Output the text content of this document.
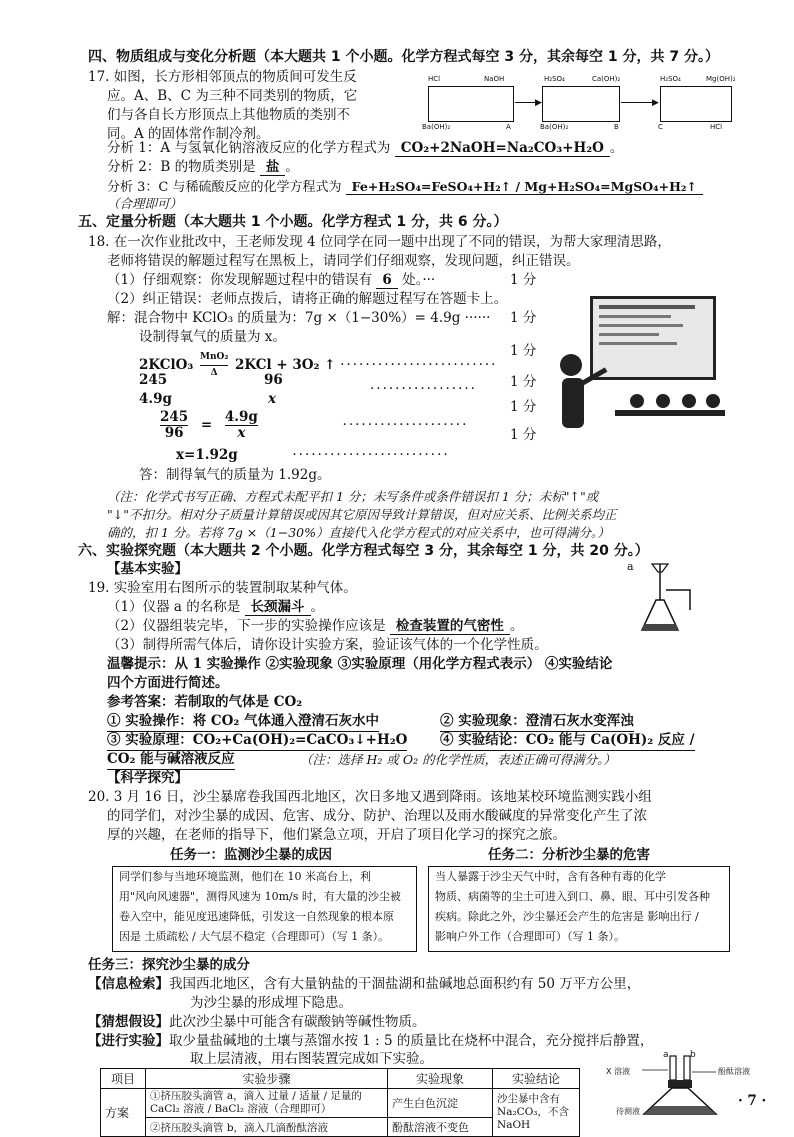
四、物质组成与变化分析题（本大题共 1 个小题。化学方程式每空 3 分，其余每空 1 分，共 7 分。）
17. 如图，长方形相邻顶点的物质间可发生反
应。A、B、C 为三种不同类别的物质，它
们与各自长方形顶点上其他物质的类别不
同。A 的固体常作制冷剂。
HCl	NaOH	H₂SO₄	Ca(OH)₂	H₂SO₄	Mg(OH)₂
▶	▶
Ba(OH)₂	A	Ba(OH)₂	B	C	HCl
分析 1：A 与氢氧化钠溶液反应的化学方程式为 CO₂+2NaOH=Na₂CO₃+H₂O 。
分析 2：B 的物质类别是 盐 。
分析 3：C 与稀硫酸反应的化学方程式为 Fe+H₂SO₄=FeSO₄+H₂↑ / Mg+H₂SO₄=MgSO₄+H₂↑
（合理即可）
五、定量分析题（本大题共 1 个小题。化学方程式 1 分，共 6 分。）
18. 在一次作业批改中，王老师发现 4 位同学在同一题中出现了不同的错误，为帮大家理清思路，
老师将错误的解题过程写在黑板上，请同学们仔细观察，发现问题，纠正错误。
（1）仔细观察：你发现解题过程中的错误有 6 处。···	1 分
（2）纠正错误：老师点拨后，请将正确的解题过程写在答题卡上。
解：混合物中 KClO₃ 的质量为：7g ×（1−30%）= 4.9g ······ 1 分
设制得氧气的质量为 x。
2KClO₃ $\frac{\text{MnO₂}}{\Delta} 2KCl + 3O_2$ ↑ ·························
1 分
245	96
4.9g	x
················· 1 分
$\frac{245}{96} = \frac{4.9g}{x}$	····················
1 分
x=1.92g	·························
1 分
答：制得氧气的质量为 1.92g。
（注：化学式书写正确、方程式未配平扣 1 分；未写条件或条件错误扣 1 分；未标"↑"或
"↓"不扣分。相对分子质量计算错误或因其它原因导致计算错误，但对应关系、比例关系均正
确的，扣 1 分。若将 7g ×（1−30%）直接代入化学方程式的对应关系中，也可得满分。）
六、实验探究题（本大题共 2 个小题。化学方程式每空 3 分，其余每空 1 分，共 20 分。）
【基本实验】
19. 实验室用右图所示的装置制取某种气体。
（1）仪器 a 的名称是 长颈漏斗 。
（2）仪器组装完毕，下一步的实验操作应该是 检查装置的气密性 。
（3）制得所需气体后，请你设计实验方案，验证该气体的一个化学性质。
温馨提示：从 1 实验操作 ②实验现象 ③实验原理（用化学方程式表示） ④实验结论
四个方面进行简述。
参考答案：若制取的气体是 CO₂
① 实验操作：将 CO₂ 气体通入澄清石灰水中	② 实验现象：澄清石灰水变浑浊
③ 实验原理：CO₂+Ca(OH)₂=CaCO₃↓+H₂O ④ 实验结论：CO₂ 能与 Ca(OH)₂ 反应 /
CO₂ 能与碱溶液反应	（注：选择 H₂ 或 O₂ 的化学性质，表述正确可得满分。）
a
【科学探究】
20. 3 月 16 日，沙尘暴席卷我国西北地区，次日多地又遇到降雨。该地某校环境监测实践小组
的同学们，对沙尘暴的成因、危害、成分、防护、治理以及雨水酸碱度的异常变化产生了浓
厚的兴趣，在老师的指导下，他们紧急立项，开启了项目化学习的探究之旅。
任务一：监测沙尘暴的成因	任务二：分析沙尘暴的危害
同学们参与当地环境监测，他们在 10 米高台上，利
用"风向风速器"，测得风速为 10m/s 时，有大量的沙尘被
卷入空中，能见度迅速降低，引发这一自然现象的根本原
因是 土质疏松 / 大气层不稳定（合理即可）（写 1 条）。
当人暴露于沙尘天气中时，含有各种有毒的化学
物质、病菌等的尘土可进入到口、鼻、眼、耳中引发各种
疾病。除此之外，沙尘暴还会产生的危害是 影响出行 /
影响户外工作（合理即可）（写 1 条）。
任务三：探究沙尘暴的成分
【信息检索】我国西北地区，含有大量钠盐的干涸盐湖和盐碱地总面积约有 50 万平方公里，
为沙尘暴的形成埋下隐患。
【猜想假设】此次沙尘暴中可能含有碳酸钠等碱性物质。
【进行实验】取少量盐碱地的土壤与蒸馏水按 1 : 5 的质量比在烧杯中混合，充分搅拌后静置，
取上层清液，用右图装置完成如下实验。
项目	实验步骤	实验现象	实验结论
方案	①挤压胶头滴管 a，滴入 过量 / 适量 / 足量的 CaCl₂ 溶液 / BaCl₂ 溶液（合理即可）	产生白色沉淀	沙尘暴中含有 Na₂CO₃，不含 NaOH
	②挤压胶头滴管 b，滴入几滴酚酞溶液	酚酞溶液不变色	
a b
X 溶液	酚酞溶液
待测液
· 7 ·
